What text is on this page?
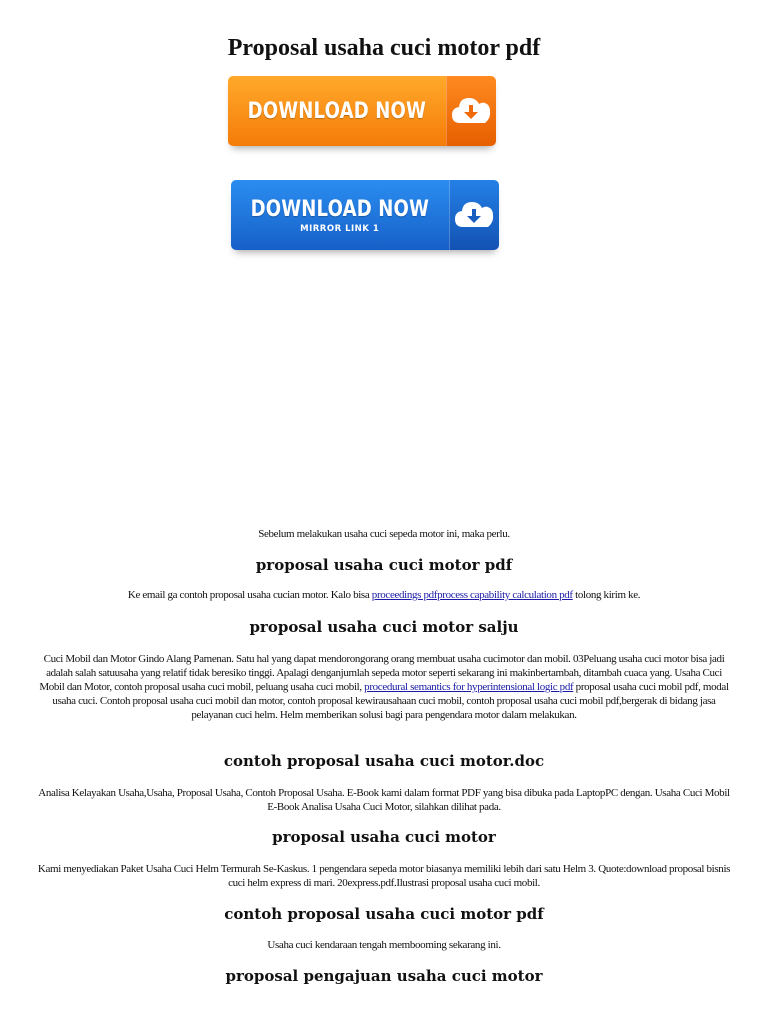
Proposal usaha cuci motor pdf
DOWNLOAD NOW
DOWNLOAD NOW
MIRROR LINK 1
Sebelum melakukan usaha cuci sepeda motor ini, maka perlu.
proposal usaha cuci motor pdf
Ke email ga contoh proposal usaha cucian motor. Kalo bisa proceedings pdfprocess capability calculation pdf tolong kirim ke.
proposal usaha cuci motor salju
Cuci Mobil dan Motor Gindo Alang Pamenan. Satu hal yang dapat mendorongorang orang membuat usaha cucimotor dan mobil. 03Peluang usaha cuci motor bisa jadi adalah salah satuusaha yang relatif tidak beresiko tinggi. Apalagi denganjumlah sepeda motor seperti sekarang ini makinbertambah, ditambah cuaca yang. Usaha Cuci Mobil dan Motor, contoh proposal usaha cuci mobil, peluang usaha cuci mobil, procedural semantics for hyperintensional logic pdf proposal usaha cuci mobil pdf, modal usaha cuci. Contoh proposal usaha cuci mobil dan motor, contoh proposal kewirausahaan cuci mobil, contoh proposal usaha cuci mobil pdf,bergerak di bidang jasa pelayanan cuci helm. Helm memberikan solusi bagi para pengendara motor dalam melakukan.
contoh proposal usaha cuci motor.doc
Analisa Kelayakan Usaha,Usaha, Proposal Usaha, Contoh Proposal Usaha. E-Book kami dalam format PDF yang bisa dibuka pada LaptopPC dengan. Usaha Cuci Mobil E-Book Analisa Usaha Cuci Motor, silahkan dilihat pada.
proposal usaha cuci motor
Kami menyediakan Paket Usaha Cuci Helm Termurah Se-Kaskus. 1 pengendara sepeda motor biasanya memiliki lebih dari satu Helm 3. Quote:download proposal bisnis cuci helm express di mari. 20express.pdf.Ilustrasi proposal usaha cuci mobil.
contoh proposal usaha cuci motor pdf
Usaha cuci kendaraan tengah membooming sekarang ini.
proposal pengajuan usaha cuci motor
